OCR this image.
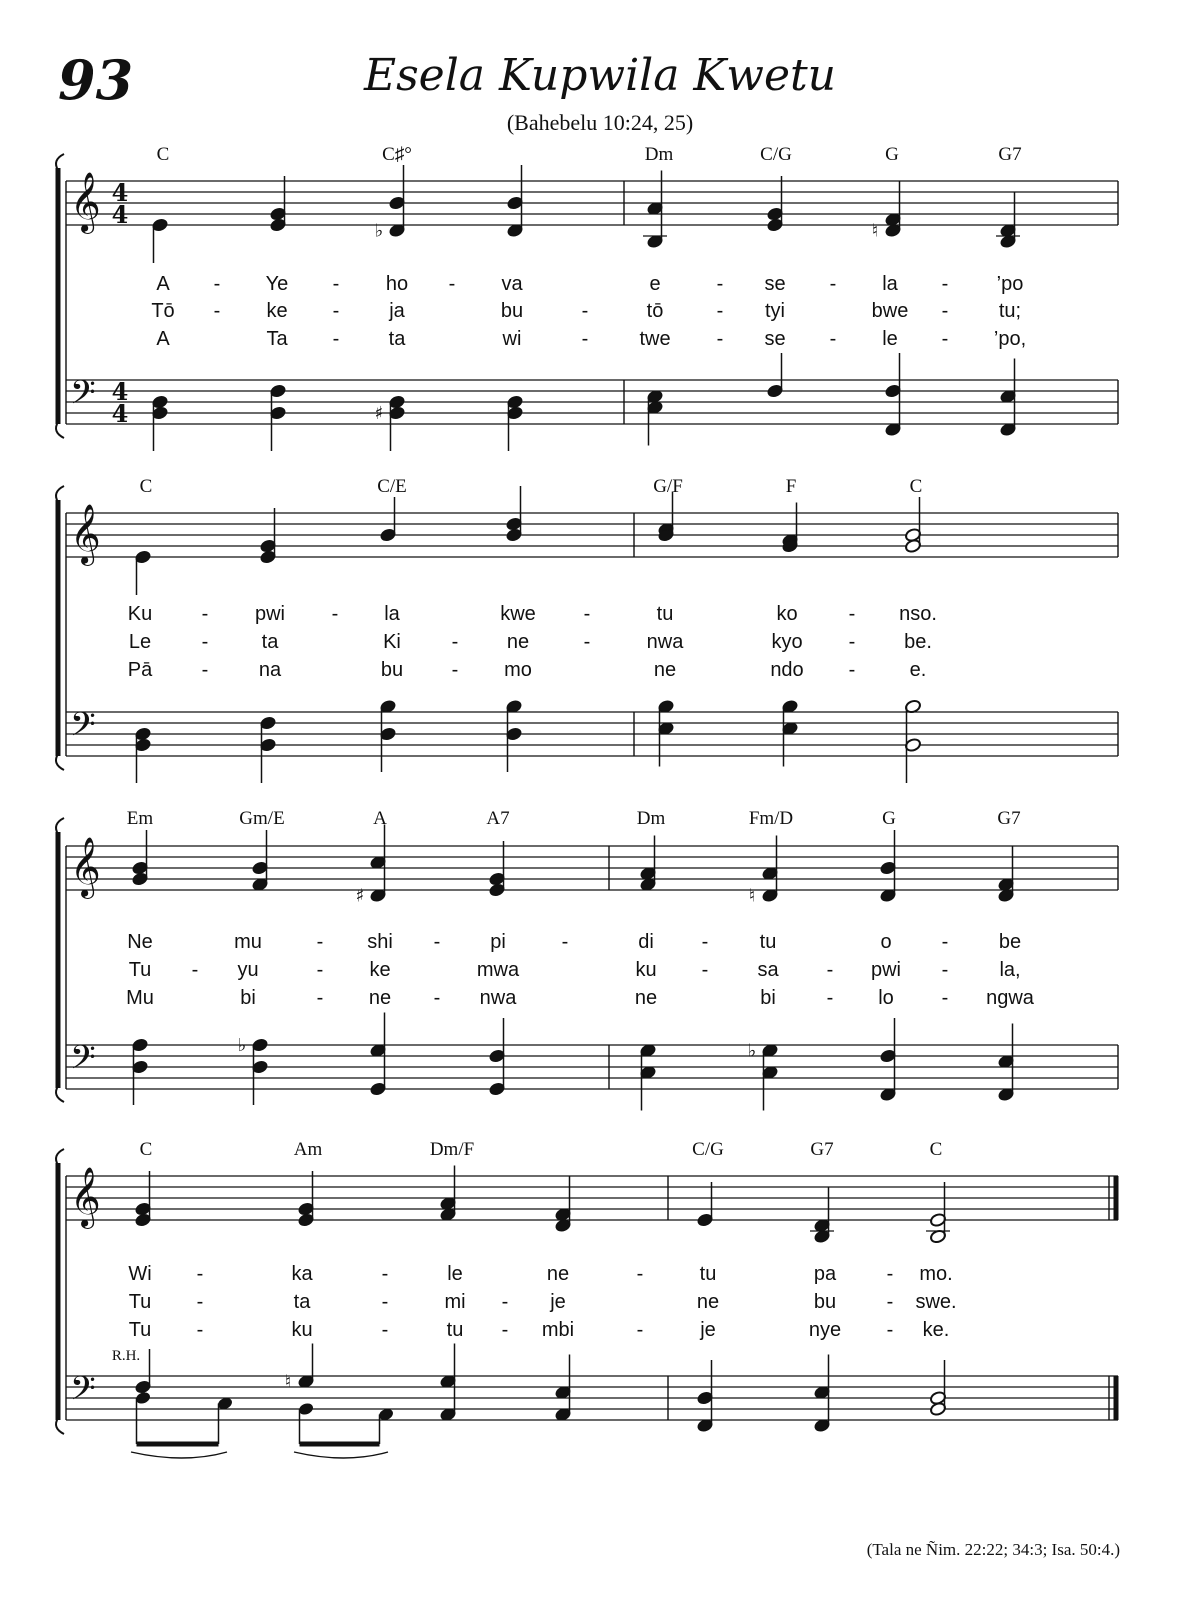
93	Esela Kupwila Kwetu
(Bahebelu 10:24, 25)
𝄞
𝄢
4
4
4
4
C	C♯°	Dm	C/G	G	G7
♭	♮
♯
A - Ye - ho - va	e	- se - la - ’po
Tō - ke - ja	bu	-	tō	- tyi	bwe -	tu;
A	Ta - ta	wi	-	twe - se - le - ’po,
𝄞
𝄢
C	C/E	G/F	F	C
Ku - pwi - la	kwe -	tu	ko	- nso.
Le	-	ta	Ki	- ne	-	nwa	kyo - be.
Pā -	na	bu - mo	ne	ndo -	e.
𝄞
𝄢
Em	Gm/E	A	A7	Dm	Fm/D	G	G7
♯	♮
♭	♭
Ne	mu	- shi - pi	-	di -	tu	o	-	be
Tu - yu	- ke	mwa	ku - sa - pwi -	la,
Mu	bi	- ne - nwa	ne	bi	- lo - ngwa
𝄞
𝄢
C	Am	Dm/F	C/G	G7	C
♮
R.H.
Wi -	ka	-	le	ne	-	tu	pa	- mo.
Tu -	ta	-	mi - je	ne	bu	- swe.
Tu -	ku	-	tu - mbi	-	je	nye - ke.
(Tala ne Ñim. 22:22; 34:3; Isa. 50:4.)
